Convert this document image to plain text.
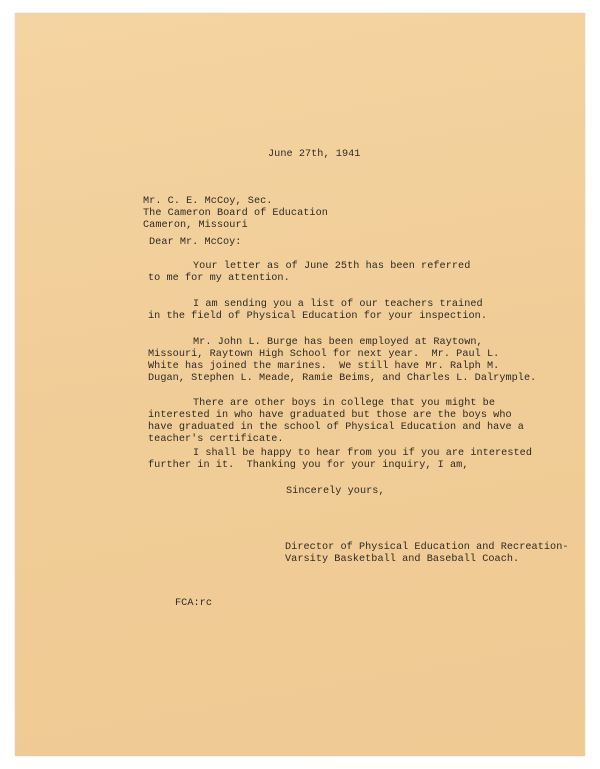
June 27th, 1941

Mr. C. E. McCoy, Sec.

The Cameron Board of Education

Cameron, Missouri

Dear Mr. McCoy:

Your letter as of June 25th has been referred

to me for my attention.

I am sending you a list of our teachers trained

in the field of Physical Education for your inspection.

Mr. John L. Burge has been employed at Raytown,

Missouri, Raytown High School for next year.  Mr. Paul L.

White has joined the marines.  We still have Mr. Ralph M.

Dugan, Stephen L. Meade, Ramie Beims, and Charles L. Dalrymple.

There are other boys in college that you might be

interested in who have graduated but those are the boys who

have graduated in the school of Physical Education and have a

teacher's certificate.

I shall be happy to hear from you if you are interested

further in it.  Thanking you for your inquiry, I am,

Sincerely yours,

Director of Physical Education and Recreation-

Varsity Basketball and Baseball Coach.

FCA:rc
